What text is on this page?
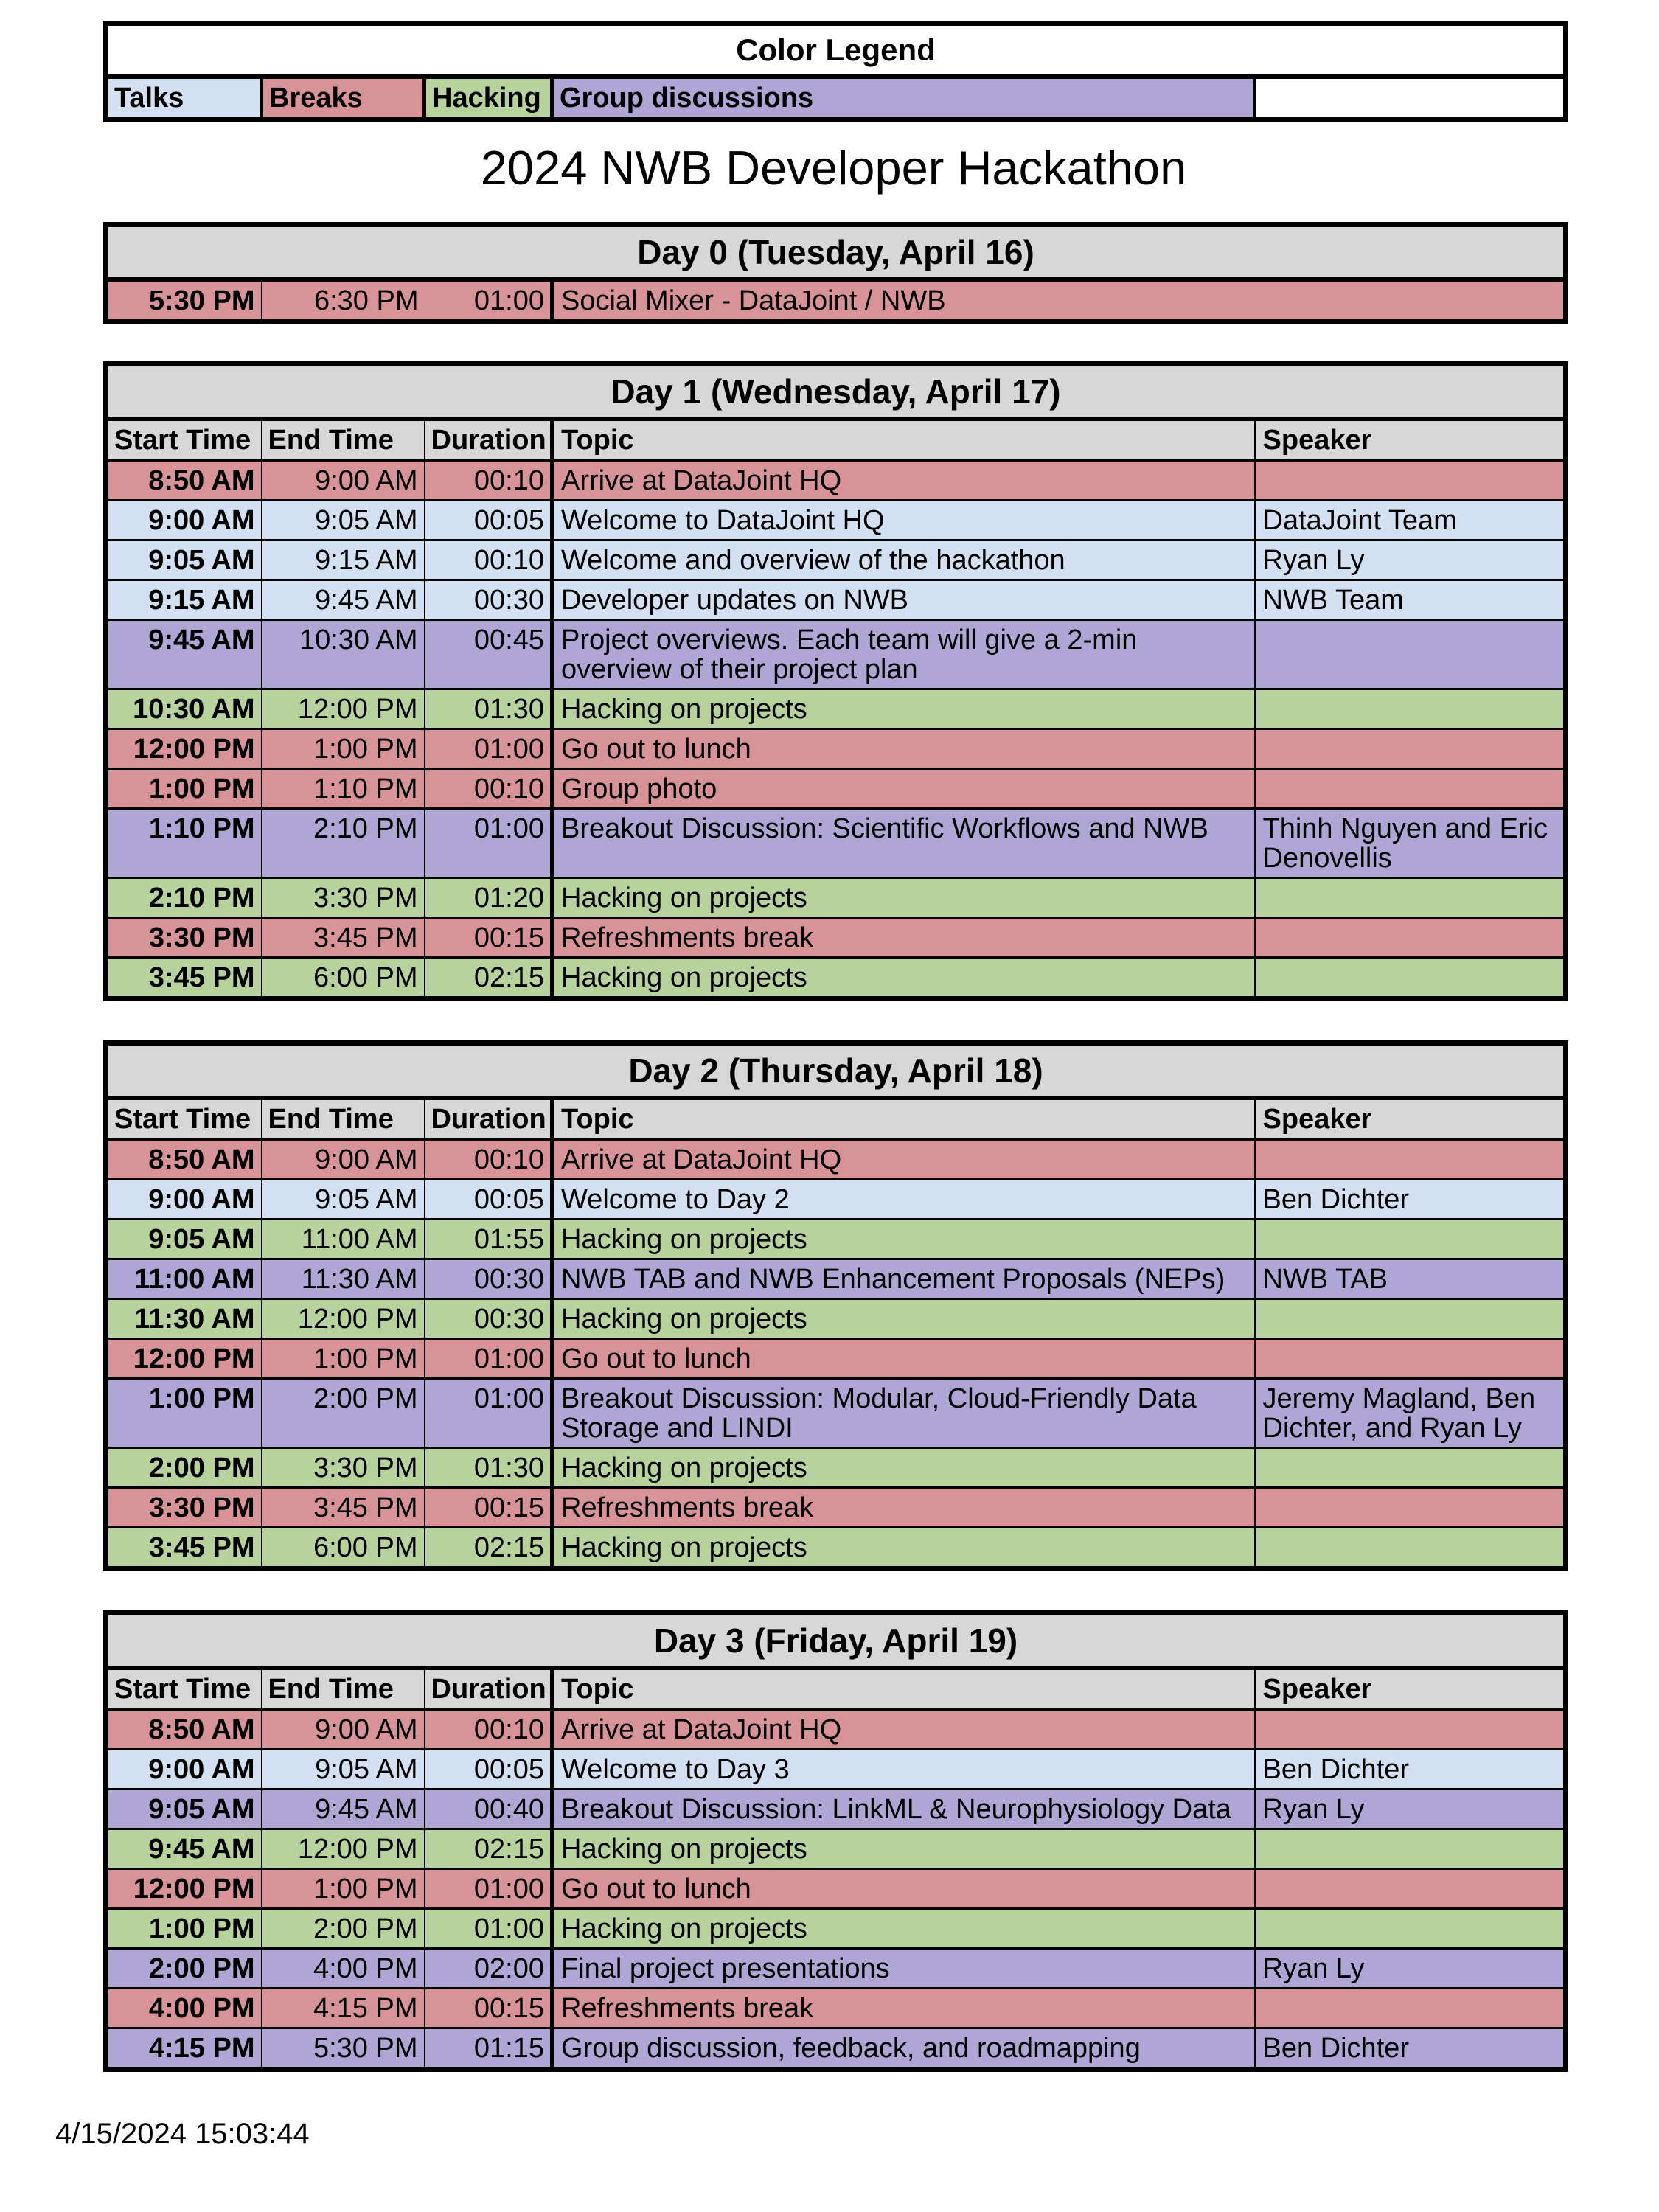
Color Legend
Talks	Breaks	Hacking	Group discussions	
2024 NWB Developer Hackathon
Day 0 (Tuesday, April 16)
5:30 PM	6:30 PM	01:00	Social Mixer - DataJoint / NWB
Day 1 (Wednesday, April 17)				
Start Time	End Time	Duration	Topic	Speaker
8:50 AM	9:00 AM	00:10	Arrive at DataJoint HQ	
9:00 AM	9:05 AM	00:05	Welcome to DataJoint HQ	DataJoint Team
9:05 AM	9:15 AM	00:10	Welcome and overview of the hackathon	Ryan Ly
9:15 AM	9:45 AM	00:30	Developer updates on NWB	NWB Team
9:45 AM	10:30 AM	00:45	Project overviews. Each team will give a 2-min overview of their project plan	
10:30 AM	12:00 PM	01:30	Hacking on projects	
12:00 PM	1:00 PM	01:00	Go out to lunch	
1:00 PM	1:10 PM	00:10	Group photo	
1:10 PM	2:10 PM	01:00	Breakout Discussion: Scientific Workflows and NWB	Thinh Nguyen and Eric Denovellis
2:10 PM	3:30 PM	01:20	Hacking on projects	
3:30 PM	3:45 PM	00:15	Refreshments break	
3:45 PM	6:00 PM	02:15	Hacking on projects	
Day 2 (Thursday, April 18)				
Start Time	End Time	Duration	Topic	Speaker
8:50 AM	9:00 AM	00:10	Arrive at DataJoint HQ	
9:00 AM	9:05 AM	00:05	Welcome to Day 2	Ben Dichter
9:05 AM	11:00 AM	01:55	Hacking on projects	
11:00 AM	11:30 AM	00:30	NWB TAB and NWB Enhancement Proposals (NEPs)	NWB TAB
11:30 AM	12:00 PM	00:30	Hacking on projects	
12:00 PM	1:00 PM	01:00	Go out to lunch	
1:00 PM	2:00 PM	01:00	Breakout Discussion: Modular, Cloud-Friendly Data Storage and LINDI	Jeremy Magland, Ben Dichter, and Ryan Ly
2:00 PM	3:30 PM	01:30	Hacking on projects	
3:30 PM	3:45 PM	00:15	Refreshments break	
3:45 PM	6:00 PM	02:15	Hacking on projects	
Day 3 (Friday, April 19)				
Start Time	End Time	Duration	Topic	Speaker
8:50 AM	9:00 AM	00:10	Arrive at DataJoint HQ	
9:00 AM	9:05 AM	00:05	Welcome to Day 3	Ben Dichter
9:05 AM	9:45 AM	00:40	Breakout Discussion: LinkML & Neurophysiology Data	Ryan Ly
9:45 AM	12:00 PM	02:15	Hacking on projects	
12:00 PM	1:00 PM	01:00	Go out to lunch	
1:00 PM	2:00 PM	01:00	Hacking on projects	
2:00 PM	4:00 PM	02:00	Final project presentations	Ryan Ly
4:00 PM	4:15 PM	00:15	Refreshments break	
4:15 PM	5:30 PM	01:15	Group discussion, feedback, and roadmapping	Ben Dichter
4/15/2024 15:03:44
